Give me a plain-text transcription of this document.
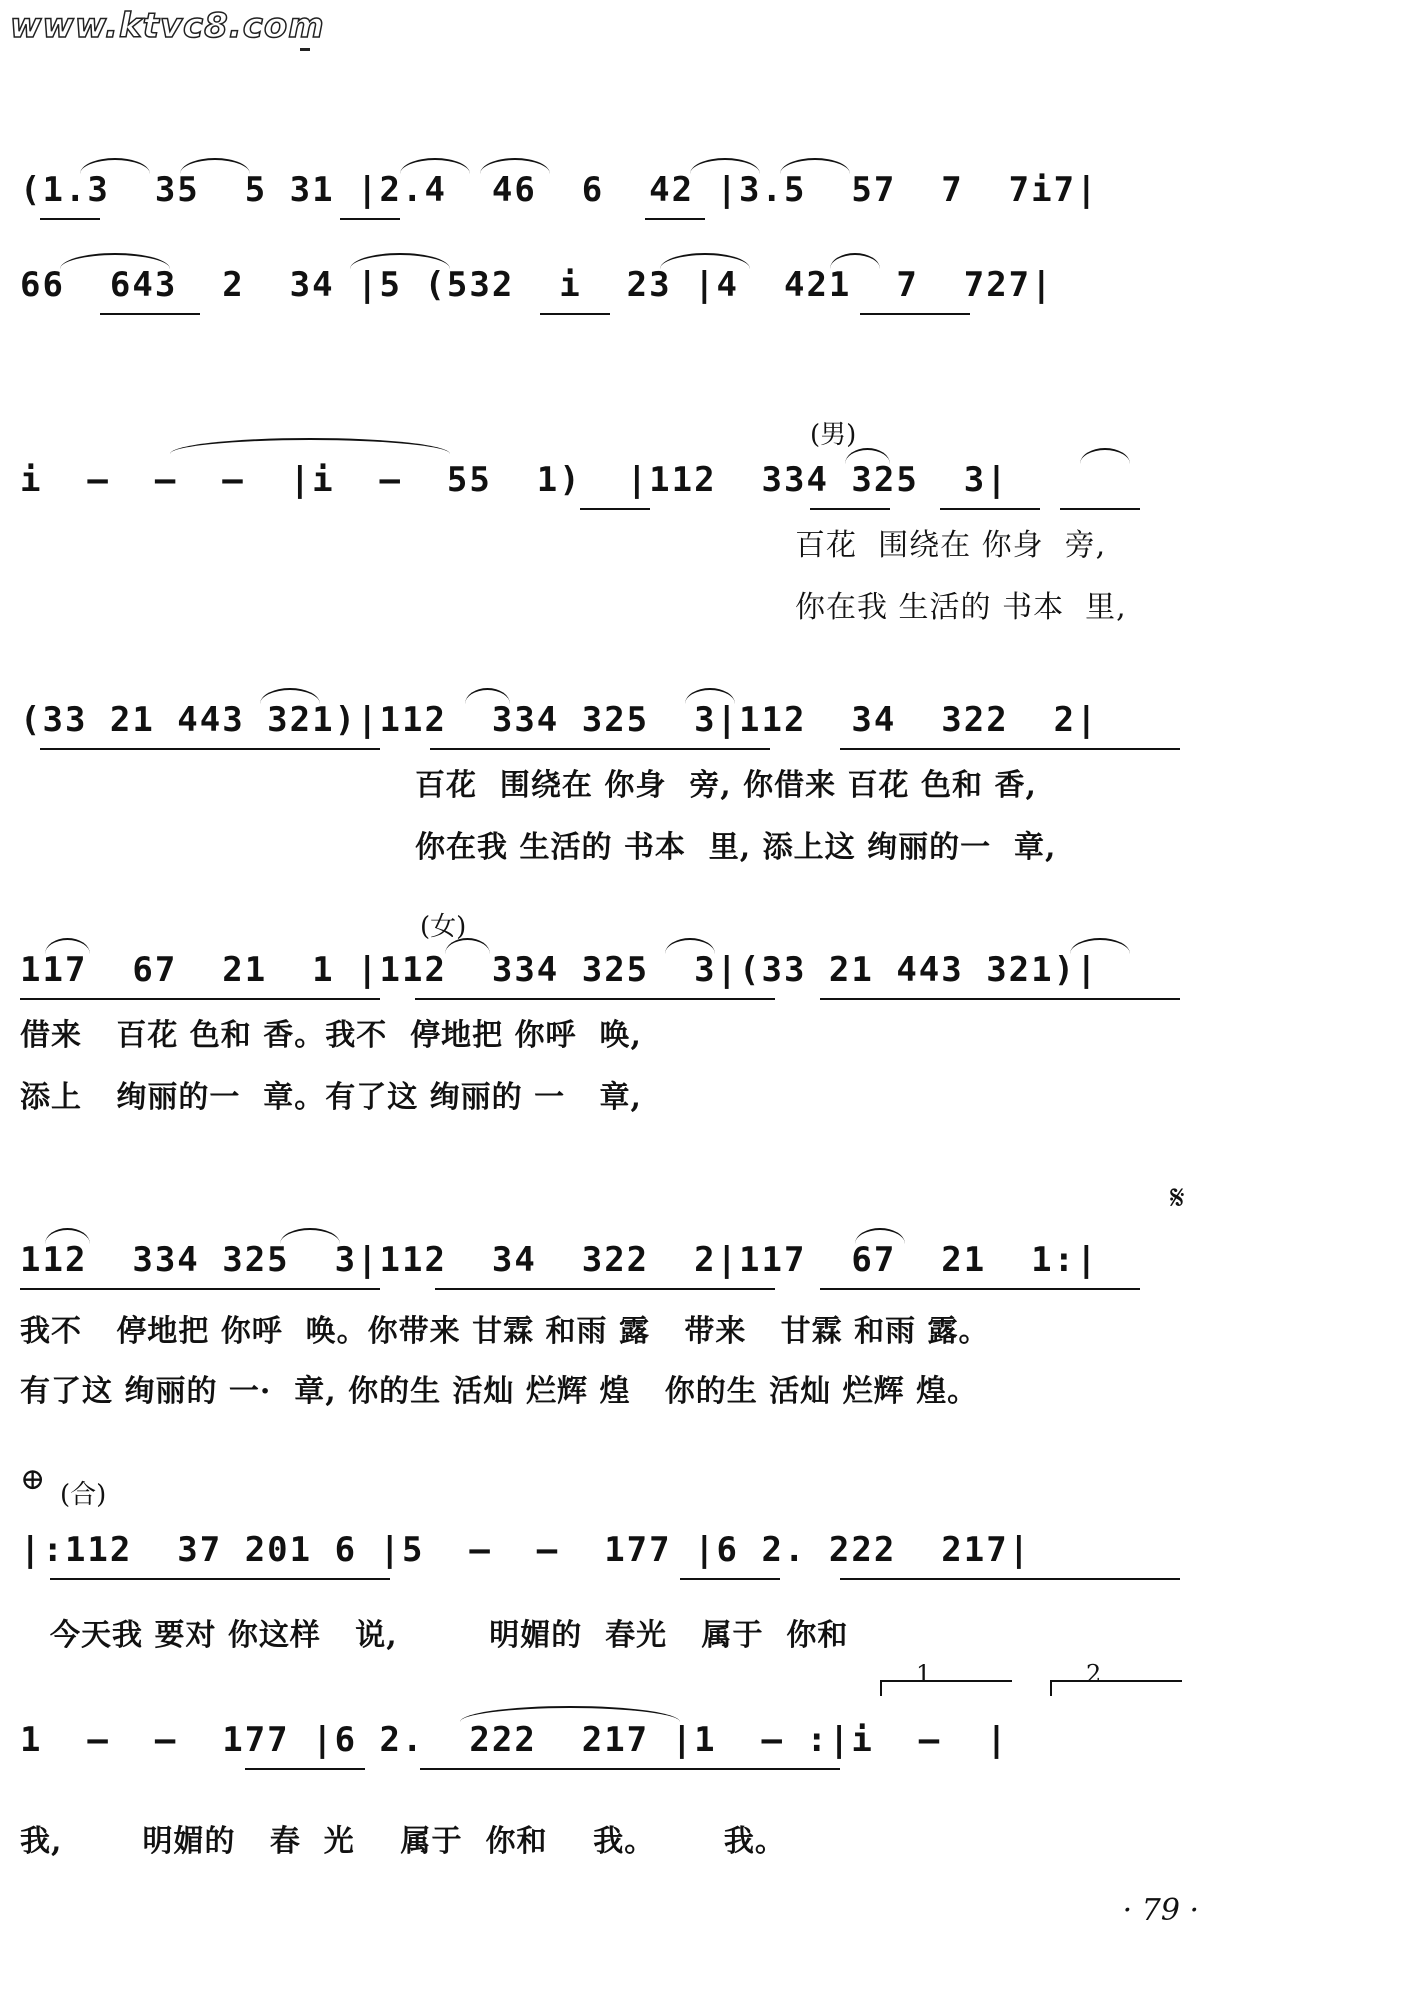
www.ktvc8.com
(1.3  35  5 31 |2.4  46  6  42 |3.5  57  7  7i7|
66  643  2  34 |5 (532  i  23 |4  421  7  727|
(男)
i  —  —  —  |i  —  55  1)  |112  334 325  3|
百花  围绕在 你身  旁,
你在我 生活的 书本  里,
(33 21 443 321)|112  334 325  3|112  34  322  2|
百花  围绕在 你身  旁, 你借来 百花 色和 香,
你在我 生活的 书本  里, 添上这 绚丽的一  章,
(女)
117  67  21  1 |112  334 325  3|(33 21 443 321)|
借来   百花 色和 香。我不  停地把 你呼  唤,
添上   绚丽的一  章。有了这 绚丽的 一   章,
𝄋
112  334 325  3|112  34  322  2|117  67  21  1:|
我不   停地把 你呼  唤。你带来 甘霖 和雨 露   带来   甘霖 和雨 露。
有了这 绚丽的 一·  章, 你的生 活灿 烂辉 煌   你的生 活灿 烂辉 煌。
⊕ (合)
|:112  37 201 6 |5  —  —  177 |6 2. 222  217|
今天我 要对 你这样   说,        明媚的  春光   属于  你和
1	2
1  —  —  177 |6 2.  222  217 |1  — :|i  —  |
我,       明媚的   春  光    属于  你和    我。      我。
· 79 ·
